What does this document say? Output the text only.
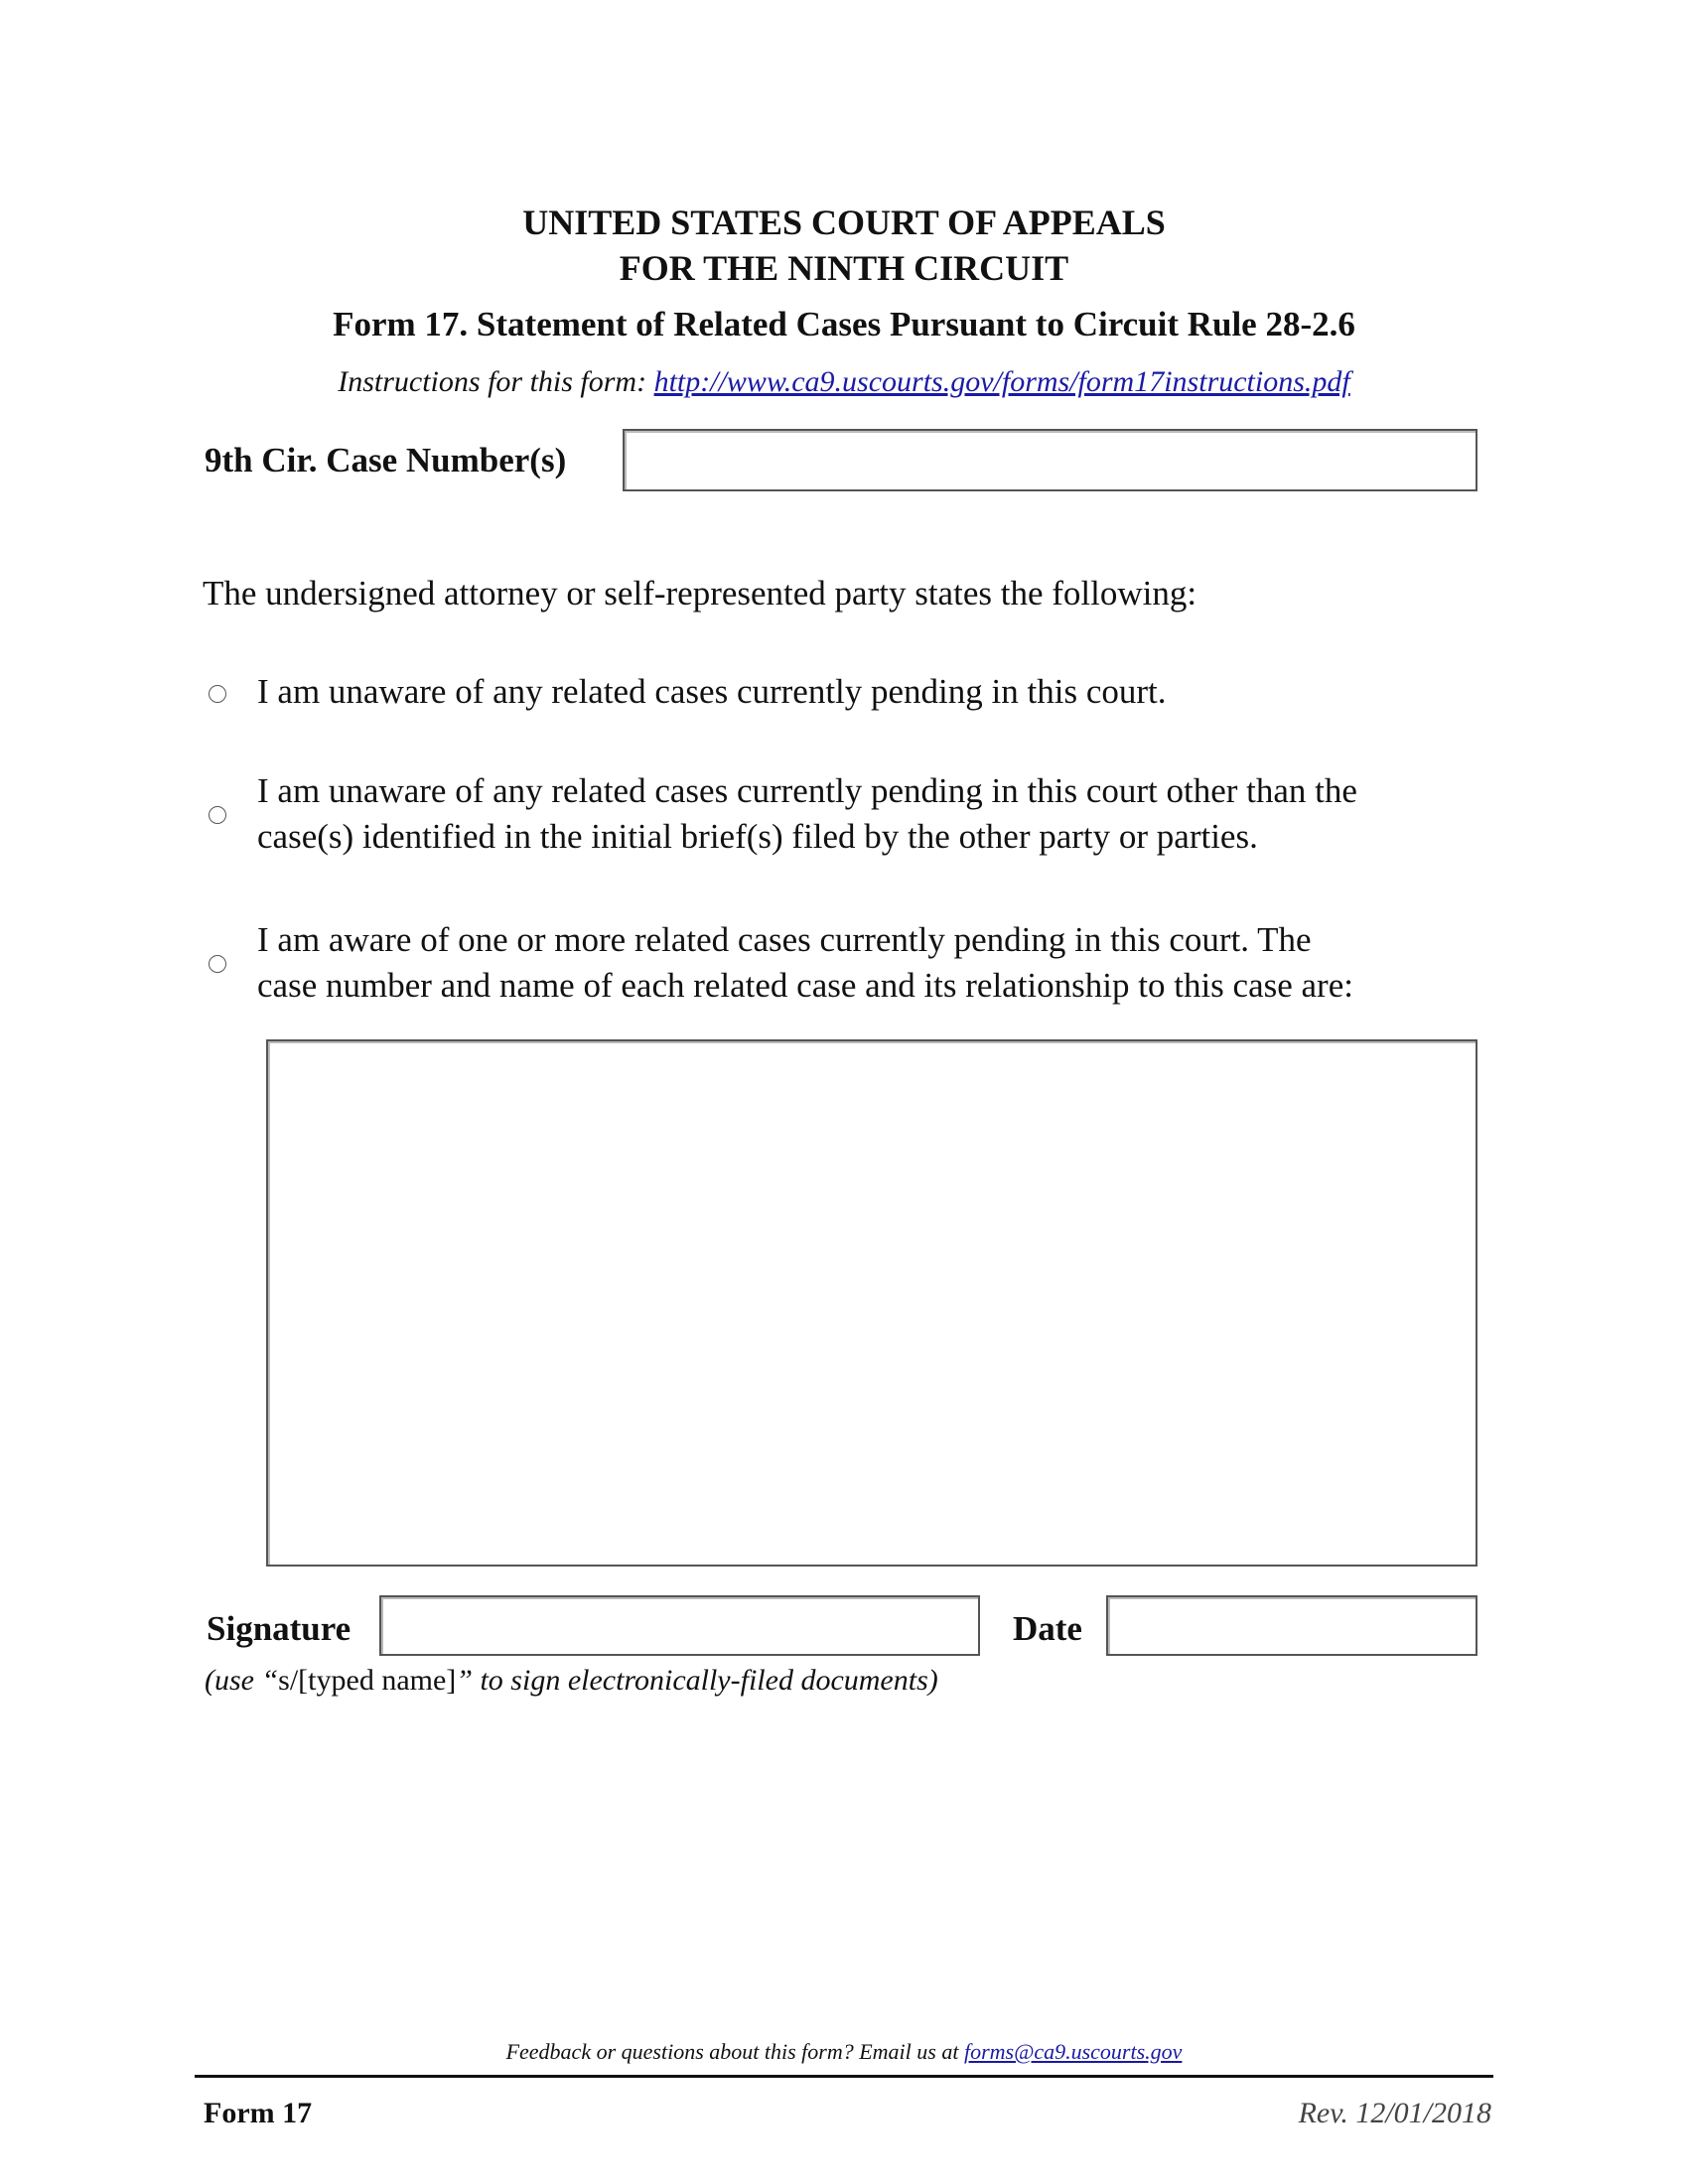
UNITED STATES COURT OF APPEALS
FOR THE NINTH CIRCUIT
Form 17. Statement of Related Cases Pursuant to Circuit Rule 28-2.6
Instructions for this form: http://www.ca9.uscourts.gov/forms/form17instructions.pdf
9th Cir. Case Number(s)
The undersigned attorney or self-represented party states the following:
I am unaware of any related cases currently pending in this court.
I am unaware of any related cases currently pending in this court other than the
case(s) identified in the initial brief(s) filed by the other party or parties.
I am aware of one or more related cases currently pending in this court. The
case number and name of each related case and its relationship to this case are:
Signature	Date
(use “s/[typed name]” to sign electronically-filed documents)
Feedback or questions about this form? Email us at forms@ca9.uscourts.gov
Form 17	Rev. 12/01/2018
